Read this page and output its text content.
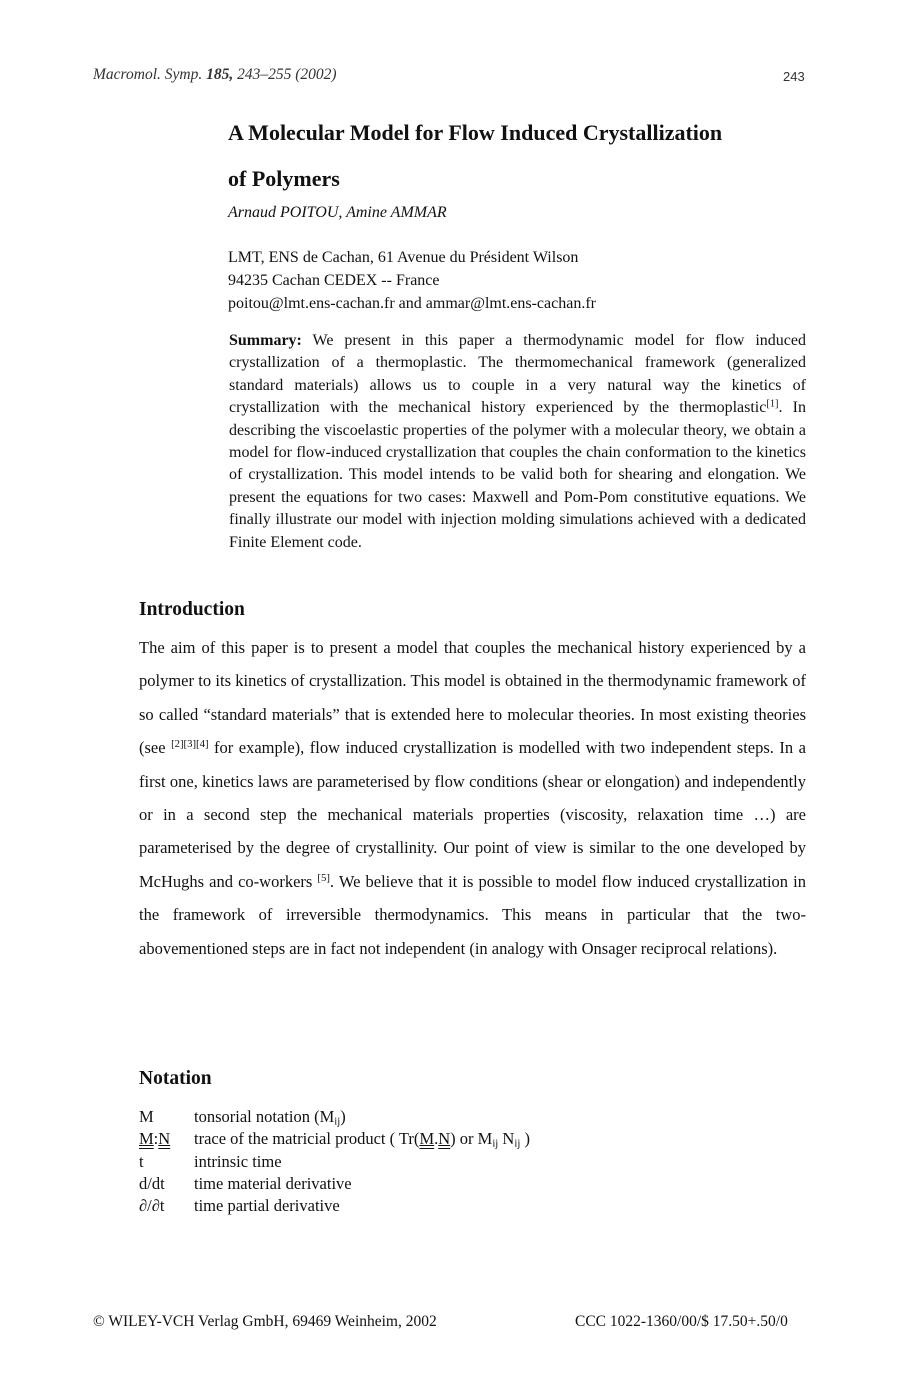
Macromol. Symp. 185, 243–255 (2002)	243
A Molecular Model for Flow Induced Crystallization
of Polymers
Arnaud POITOU, Amine AMMAR
LMT, ENS de Cachan, 61 Avenue du Président Wilson
94235 Cachan CEDEX -- France
poitou@lmt.ens-cachan.fr and ammar@lmt.ens-cachan.fr
Summary: We present in this paper a thermodynamic model for flow induced crystallization of a thermoplastic. The thermomechanical framework (generalized standard materials) allows us to couple in a very natural way the kinetics of crystallization with the mechanical history experienced by the thermoplastic[1]. In describing the viscoelastic properties of the polymer with a molecular theory, we obtain a model for flow-induced crystallization that couples the chain conformation to the kinetics of crystallization. This model intends to be valid both for shearing and elongation. We present the equations for two cases: Maxwell and Pom-Pom constitutive equations. We finally illustrate our model with injection molding simulations achieved with a dedicated Finite Element code.
Introduction
The aim of this paper is to present a model that couples the mechanical history experienced by a polymer to its kinetics of crystallization. This model is obtained in the thermodynamic framework of so called “standard materials” that is extended here to molecular theories. In most existing theories (see [2][3][4] for example), flow induced crystallization is modelled with two independent steps. In a first one, kinetics laws are parameterised by flow conditions (shear or elongation) and independently or in a second step the mechanical materials properties (viscosity, relaxation time …) are parameterised by the degree of crystallinity. Our point of view is similar to the one developed by McHughs and co-workers [5]. We believe that it is possible to model flow induced crystallization in the framework of irreversible thermodynamics. This means in particular that the two-abovementioned steps are in fact not independent (in analogy with Onsager reciprocal relations).
Notation
M	tonsorial notation $(M_{ij})$
M:N	trace of the matricial product ( Tr(M.N) or $M_{ij}$ $N_{ij}$ )
t	intrinsic time
d/dt	time material derivative
∂/∂t	time partial derivative
© WILEY-VCH Verlag GmbH, 69469 Weinheim, 2002	CCC 1022-1360/00/$ 17.50+.50/0
